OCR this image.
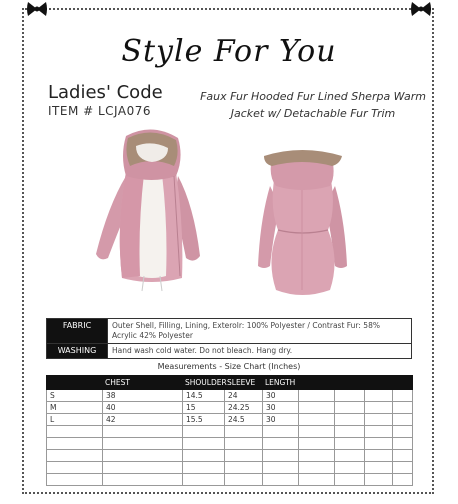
Style For You
Ladies' Code
ITEM # LCJA076
Faux Fur Hooded Fur Lined Sherpa Warm
Jacket w/ Detachable Fur Trim
FABRIC	Outer Shell, Filling, Lining, Exterolr: 100% Polyester / Contrast Fur: 58% Acrylic 42% Polyester
WASHING	Hand wash cold water. Do not bleach. Hang dry.
Measurements - Size Chart (Inches)
	CHEST	SHOULDER	SLEEVE	LENGTH				
S	38	14.5	24	30				
M	40	15	24.25	30				
L	42	15.5	24.5	30				
